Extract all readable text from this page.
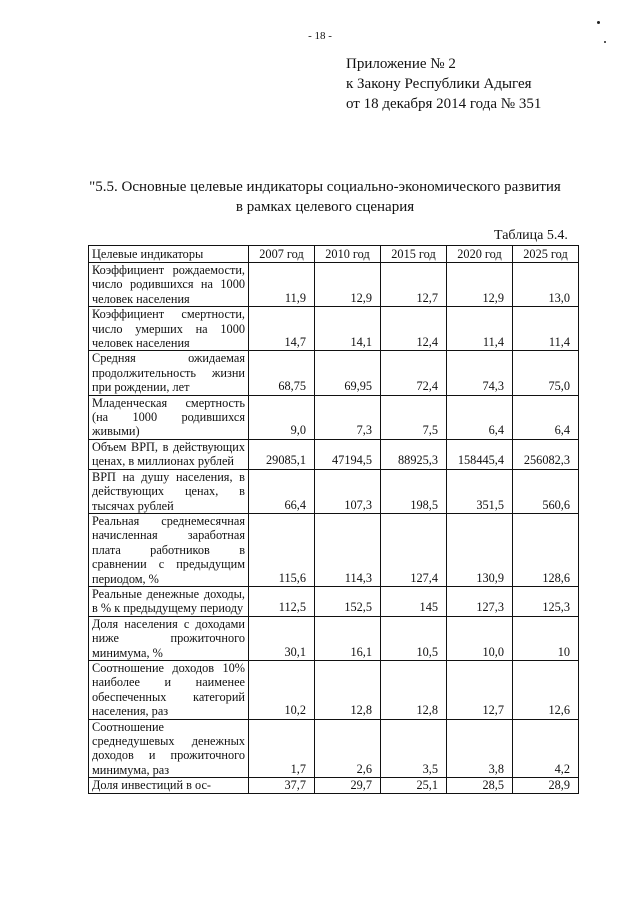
- 18 -
Приложение № 2
к Закону Республики Адыгея
от 18 декабря 2014 года № 351
"5.5. Основные целевые индикаторы социально-экономического развития в рамках целевого сценария
Таблица 5.4.
Целевые индикаторы	2007 год	2010 год	2015 год	2020 год	2025 год
Коэффициент рождаемости, число родившихся на 1000 человек населения	11,9	12,9	12,7	12,9	13,0
Коэффициент смертности, число умерших на 1000 человек населения	14,7	14,1	12,4	11,4	11,4
Средняя ожидаемая продолжительность жизни при рождении, лет	68,75	69,95	72,4	74,3	75,0
Младенческая смертность (на 1000 родившихся живыми)	9,0	7,3	7,5	6,4	6,4
Объем ВРП, в действующих ценах, в миллионах рублей	29085,1	47194,5	88925,3	158445,4	256082,3
ВРП на душу населения, в действующих ценах, в тысячах рублей	66,4	107,3	198,5	351,5	560,6
Реальная среднемесячная начисленная заработная плата работников в сравнении с предыдущим периодом, %	115,6	114,3	127,4	130,9	128,6
Реальные денежные доходы, в % к предыдущему периоду	112,5	152,5	145	127,3	125,3
Доля населения с доходами ниже прожиточного минимума, %	30,1	16,1	10,5	10,0	10
Соотношение доходов 10% наиболее и наименее обеспеченных категорий населения, раз	10,2	12,8	12,8	12,7	12,6
Соотношение среднедушевых денежных доходов и прожиточного минимума, раз	1,7	2,6	3,5	3,8	4,2
Доля инвестиций в ос-	37,7	29,7	25,1	28,5	28,9
